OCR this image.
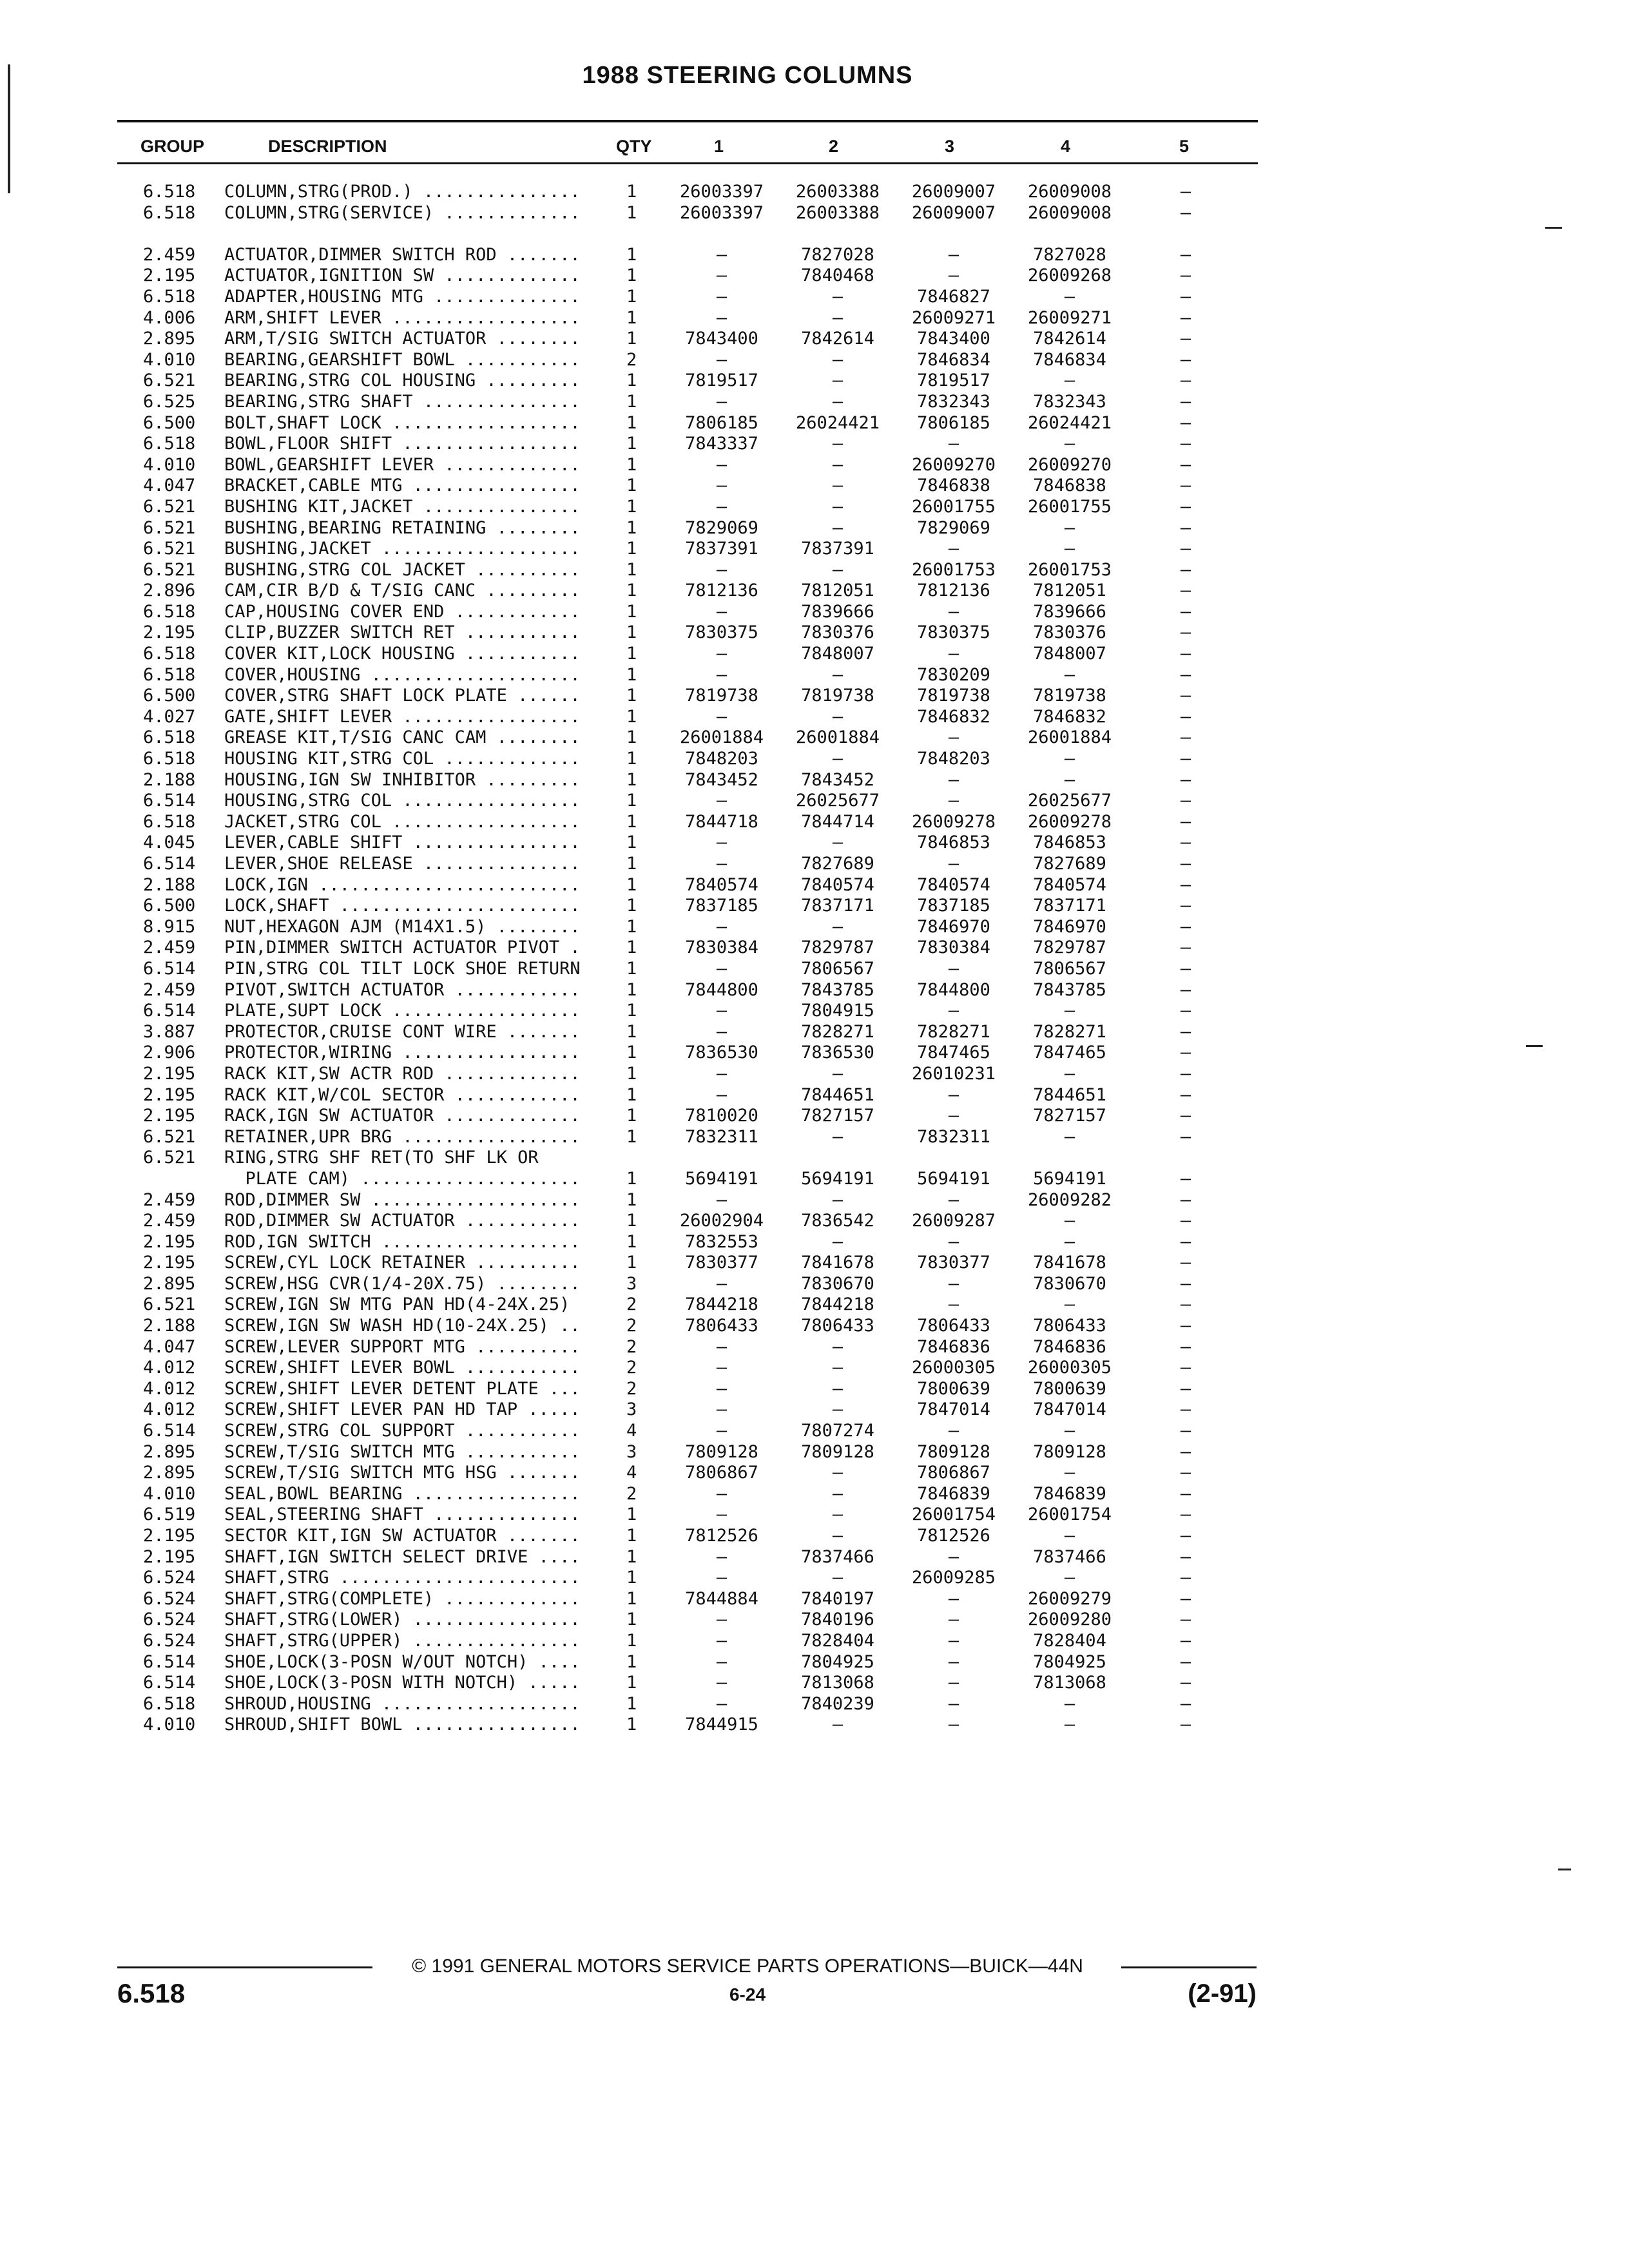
1988 STEERING COLUMNS
GROUP	DESCRIPTION	QTY	1	2	3	4	5
6.518 COLUMN,STRG(PROD.) ...............	1	26003397	26003388	26009007	26009008	—
6.518 COLUMN,STRG(SERVICE) .............	1	26003397	26003388	26009007	26009008	—
2.459 ACTUATOR,DIMMER SWITCH ROD .......	1	—	7827028	—	7827028	—
2.195 ACTUATOR,IGNITION SW .............	1	—	7840468	—	26009268	—
6.518 ADAPTER,HOUSING MTG ..............	1	—	—	7846827	—	—
4.006 ARM,SHIFT LEVER ..................	1	—	—	26009271	26009271	—
2.895 ARM,T/SIG SWITCH ACTUATOR ........	1	7843400	7842614	7843400	7842614	—
4.010 BEARING,GEARSHIFT BOWL ...........	2	—	—	7846834	7846834	—
6.521 BEARING,STRG COL HOUSING .........	1	7819517	—	7819517	—	—
6.525 BEARING,STRG SHAFT ...............	1	—	—	7832343	7832343	—
6.500 BOLT,SHAFT LOCK ..................	1	7806185	26024421	7806185	26024421	—
6.518 BOWL,FLOOR SHIFT .................	1	7843337	—	—	—	—
4.010 BOWL,GEARSHIFT LEVER .............	1	—	—	26009270	26009270	—
4.047 BRACKET,CABLE MTG ................	1	—	—	7846838	7846838	—
6.521 BUSHING KIT,JACKET ...............	1	—	—	26001755	26001755	—
6.521 BUSHING,BEARING RETAINING ........	1	7829069	—	7829069	—	—
6.521 BUSHING,JACKET ...................	1	7837391	7837391	—	—	—
6.521 BUSHING,STRG COL JACKET ..........	1	—	—	26001753	26001753	—
2.896 CAM,CIR B/D & T/SIG CANC .........	1	7812136	7812051	7812136	7812051	—
6.518 CAP,HOUSING COVER END ............	1	—	7839666	—	7839666	—
2.195 CLIP,BUZZER SWITCH RET ...........	1	7830375	7830376	7830375	7830376	—
6.518 COVER KIT,LOCK HOUSING ...........	1	—	7848007	—	7848007	—
6.518 COVER,HOUSING ....................	1	—	—	7830209	—	—
6.500 COVER,STRG SHAFT LOCK PLATE ......	1	7819738	7819738	7819738	7819738	—
4.027 GATE,SHIFT LEVER .................	1	—	—	7846832	7846832	—
6.518 GREASE KIT,T/SIG CANC CAM ........	1	26001884	26001884	—	26001884	—
6.518 HOUSING KIT,STRG COL .............	1	7848203	—	7848203	—	—
2.188 HOUSING,IGN SW INHIBITOR .........	1	7843452	7843452	—	—	—
6.514 HOUSING,STRG COL .................	1	—	26025677	—	26025677	—
6.518 JACKET,STRG COL ..................	1	7844718	7844714	26009278	26009278	—
4.045 LEVER,CABLE SHIFT ................	1	—	—	7846853	7846853	—
6.514 LEVER,SHOE RELEASE ...............	1	—	7827689	—	7827689	—
2.188 LOCK,IGN .........................	1	7840574	7840574	7840574	7840574	—
6.500 LOCK,SHAFT .......................	1	7837185	7837171	7837185	7837171	—
8.915 NUT,HEXAGON AJM (M14X1.5) ........	1	—	—	7846970	7846970	—
2.459 PIN,DIMMER SWITCH ACTUATOR PIVOT .	1	7830384	7829787	7830384	7829787	—
6.514 PIN,STRG COL TILT LOCK SHOE RETURN	1	—	7806567	—	7806567	—
2.459 PIVOT,SWITCH ACTUATOR ............	1	7844800	7843785	7844800	7843785	—
6.514 PLATE,SUPT LOCK ..................	1	—	7804915	—	—	—
3.887 PROTECTOR,CRUISE CONT WIRE .......	1	—	7828271	7828271	7828271	—
2.906 PROTECTOR,WIRING .................	1	7836530	7836530	7847465	7847465	—
2.195 RACK KIT,SW ACTR ROD .............	1	—	—	26010231	—	—
2.195 RACK KIT,W/COL SECTOR ............	1	—	7844651	—	7844651	—
2.195 RACK,IGN SW ACTUATOR .............	1	7810020	7827157	—	7827157	—
6.521 RETAINER,UPR BRG .................	1	7832311	—	7832311	—	—
6.521 RING,STRG SHF RET(TO SHF LK OR
PLATE CAM) .....................	1	5694191	5694191	5694191	5694191	—
2.459 ROD,DIMMER SW ....................	1	—	—	—	26009282	—
2.459 ROD,DIMMER SW ACTUATOR ...........	1	26002904	7836542	26009287	—	—
2.195 ROD,IGN SWITCH ...................	1	7832553	—	—	—	—
2.195 SCREW,CYL LOCK RETAINER ..........	1	7830377	7841678	7830377	7841678	—
2.895 SCREW,HSG CVR(1/4-20X.75) ........	3	—	7830670	—	7830670	—
6.521 SCREW,IGN SW MTG PAN HD(4-24X.25)	2	7844218	7844218	—	—	—
2.188 SCREW,IGN SW WASH HD(10-24X.25) ..	2	7806433	7806433	7806433	7806433	—
4.047 SCREW,LEVER SUPPORT MTG ..........	2	—	—	7846836	7846836	—
4.012 SCREW,SHIFT LEVER BOWL ...........	2	—	—	26000305	26000305	—
4.012 SCREW,SHIFT LEVER DETENT PLATE ...	2	—	—	7800639	7800639	—
4.012 SCREW,SHIFT LEVER PAN HD TAP .....	3	—	—	7847014	7847014	—
6.514 SCREW,STRG COL SUPPORT ...........	4	—	7807274	—	—	—
2.895 SCREW,T/SIG SWITCH MTG ...........	3	7809128	7809128	7809128	7809128	—
2.895 SCREW,T/SIG SWITCH MTG HSG .......	4	7806867	—	7806867	—	—
4.010 SEAL,BOWL BEARING ................	2	—	—	7846839	7846839	—
6.519 SEAL,STEERING SHAFT ..............	1	—	—	26001754	26001754	—
2.195 SECTOR KIT,IGN SW ACTUATOR .......	1	7812526	—	7812526	—	—
2.195 SHAFT,IGN SWITCH SELECT DRIVE ....	1	—	7837466	—	7837466	—
6.524 SHAFT,STRG .......................	1	—	—	26009285	—	—
6.524 SHAFT,STRG(COMPLETE) .............	1	7844884	7840197	—	26009279	—
6.524 SHAFT,STRG(LOWER) ................	1	—	7840196	—	26009280	—
6.524 SHAFT,STRG(UPPER) ................	1	—	7828404	—	7828404	—
6.514 SHOE,LOCK(3-POSN W/OUT NOTCH) ....	1	—	7804925	—	7804925	—
6.514 SHOE,LOCK(3-POSN WITH NOTCH) .....	1	—	7813068	—	7813068	—
6.518 SHROUD,HOUSING ...................	1	—	7840239	—	—	—
4.010 SHROUD,SHIFT BOWL ................	1	7844915	—	—	—	—
© 1991 GENERAL MOTORS SERVICE PARTS OPERATIONS—BUICK—44N
6.518	6-24	(2-91)
